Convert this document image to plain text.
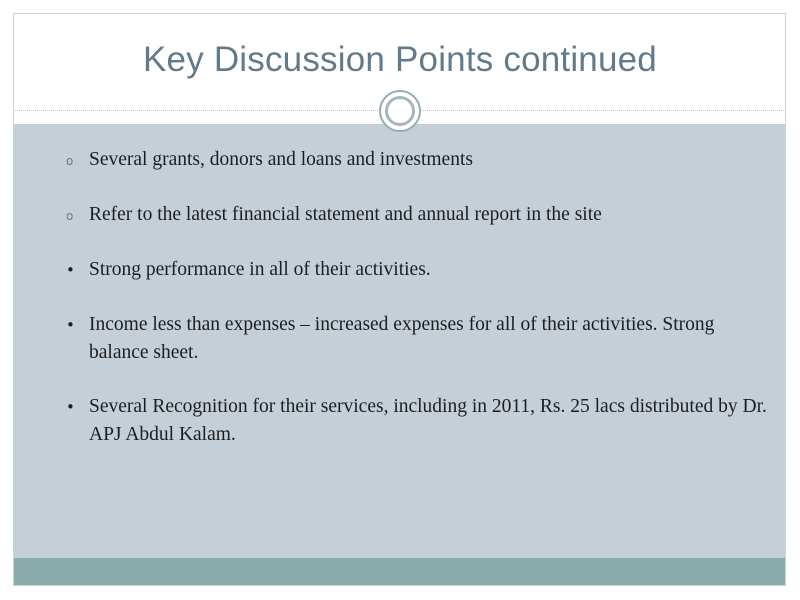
Key Discussion Points continued
o Several grants, donors and loans and investments
o Refer to the latest financial statement and annual report in the site
• Strong performance in all of their activities.
• Income less than expenses – increased expenses for all of their activities. Strong balance sheet.
• Several Recognition for their services, including in 2011, Rs. 25 lacs distributed by Dr. APJ Abdul Kalam.
